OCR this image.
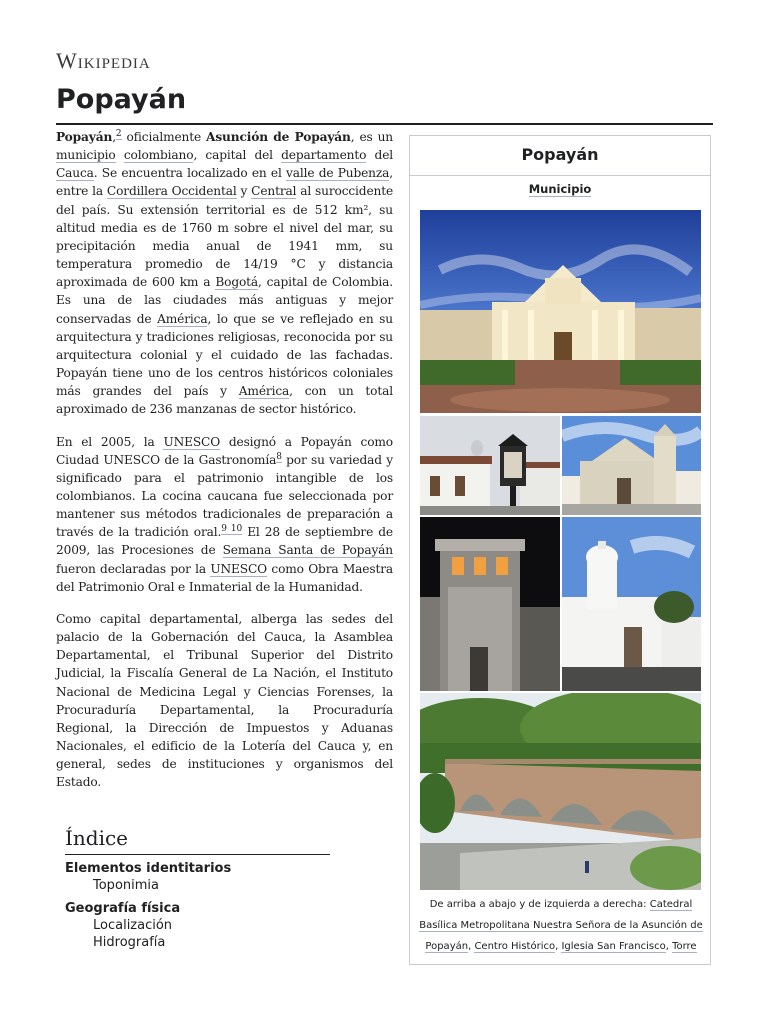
Wikipedia
Popayán

Popayán,$^2$ oficialmente Asunción de Popayán, es un municipio colombiano, capital del departamento del Cauca. Se encuentra localizado en el valle de Pubenza, entre la Cordillera Occidental y Central al suroccidente del país. Su extensión territorial es de 512 km², su altitud media es de 1760 m sobre el nivel del mar, su precipitación media anual de 1941 mm, su temperatura promedio de 14/19 °C y distancia aproximada de 600 km a Bogotá, capital de Colombia. Es una de las ciudades más antiguas y mejor conservadas de América, lo que se ve reflejado en su arquitectura y tradiciones religiosas, reconocida por su arquitectura colonial y el cuidado de las fachadas. Popayán tiene uno de los centros históricos coloniales más grandes del país y América, con un total aproximado de 236 manzanas de sector histórico.

En el 2005, la UNESCO designó a Popayán como Ciudad UNESCO de la Gastronomía$^8$ por su variedad y significado para el patrimonio intangible de los colombianos. La cocina caucana fue seleccionada por mantener sus métodos tradicionales de preparación a través de la tradición oral.$^{9 10}$ El 28 de septiembre de 2009, las Procesiones de Semana Santa de Popayán fueron declaradas por la UNESCO como Obra Maestra del Patrimonio Oral e Inmaterial de la Humanidad.

Como capital departamental, alberga las sedes del palacio de la Gobernación del Cauca, la Asamblea Departamental, el Tribunal Superior del Distrito Judicial, la Fiscalía General de La Nación, el Instituto Nacional de Medicina Legal y Ciencias Forenses, la Procuraduría Departamental, la Procuraduría Regional, la Dirección de Impuestos y Aduanas Nacionales, el edificio de la Lotería del Cauca y, en general, sedes de instituciones y organismos del Estado.

Índice
Elementos identitarios
Toponimia
Geografía física
Localización
Hidrografía
Popayán
Municipio
De arriba a abajo y de izquierda a derecha: Catedral Basílica Metropolitana Nuestra Señora de la Asunción de Popayán, Centro Histórico, Iglesia San Francisco, Torre
